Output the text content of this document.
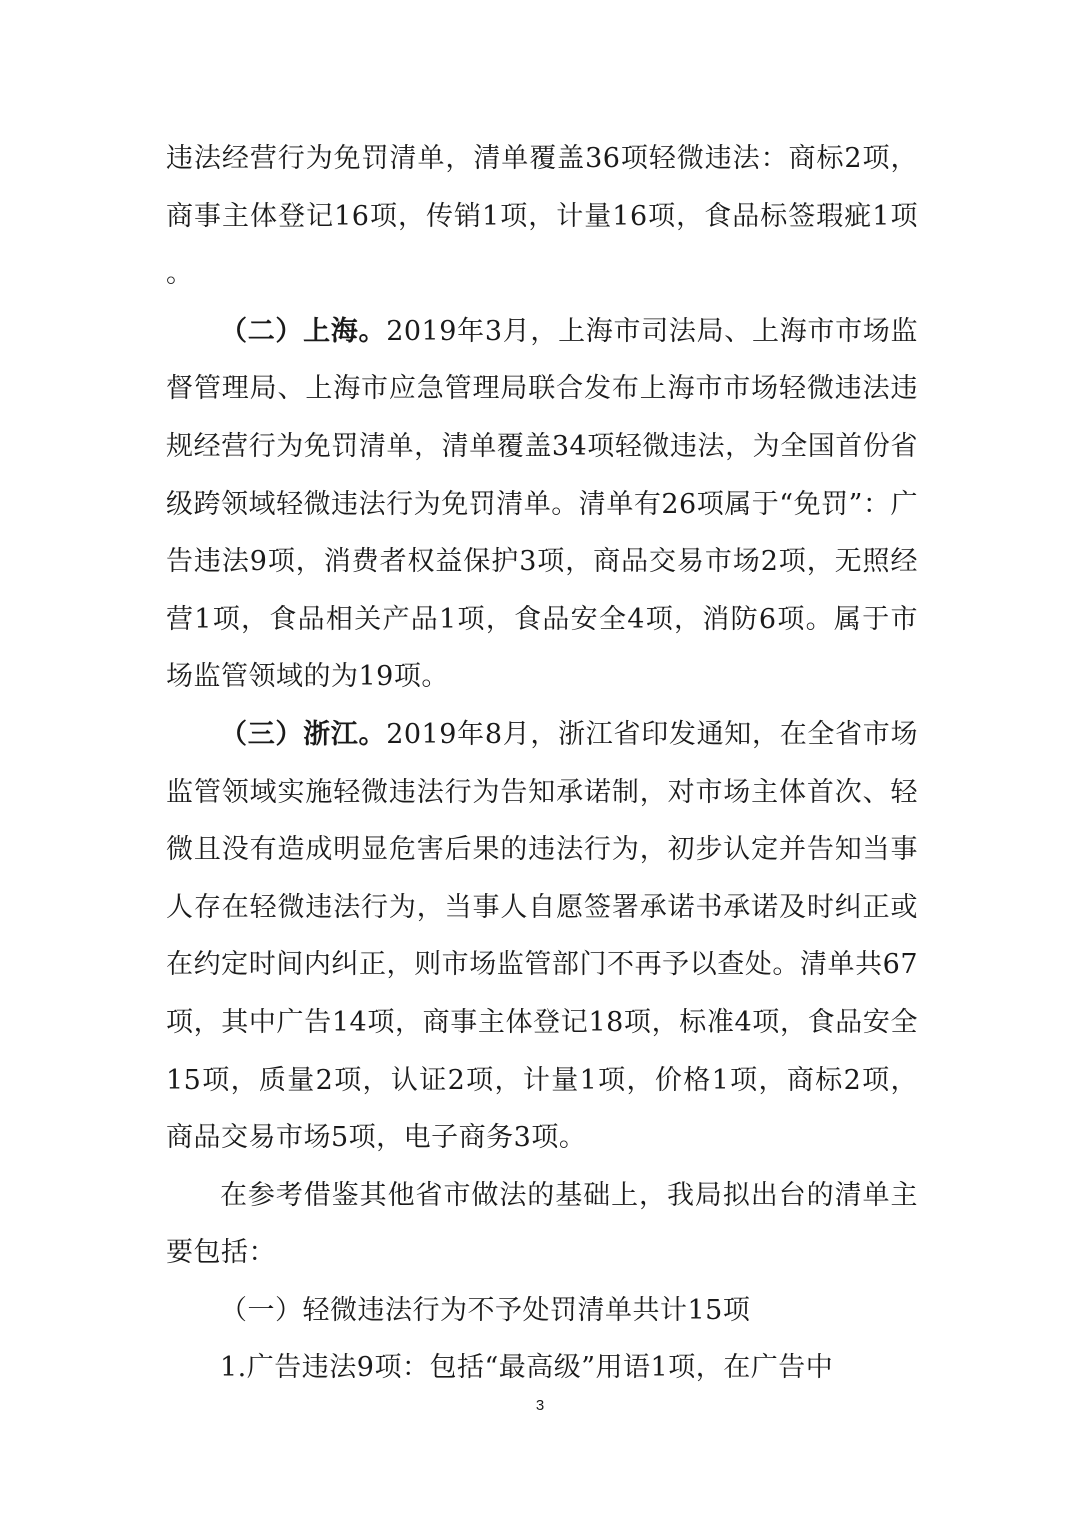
违法经营行为免罚清单，清单覆盖36项轻微违法：商标2项，商事主体登记16项，传销1项，计量16项，食品标签瑕疵1项。

（二）上海。2019年3月，上海市司法局、上海市市场监督管理局、上海市应急管理局联合发布上海市市场轻微违法违规经营行为免罚清单，清单覆盖34项轻微违法，为全国首份省级跨领域轻微违法行为免罚清单。清单有26项属于“免罚”：广告违法9项，消费者权益保护3项，商品交易市场2项，无照经营1项，食品相关产品1项，食品安全4项，消防6项。属于市场监管领域的为19项。

（三）浙江。2019年8月，浙江省印发通知，在全省市场监管领域实施轻微违法行为告知承诺制，对市场主体首次、轻微且没有造成明显危害后果的违法行为，初步认定并告知当事人存在轻微违法行为，当事人自愿签署承诺书承诺及时纠正或在约定时间内纠正，则市场监管部门不再予以查处。清单共67项，其中广告14项，商事主体登记18项，标准4项，食品安全15项，质量2项，认证2项，计量1项，价格1项，商标2项，商品交易市场5项，电子商务3项。

在参考借鉴其他省市做法的基础上，我局拟出台的清单主要包括：

（一）轻微违法行为不予处罚清单共计15项

1.广告违法9项：包括“最高级”用语1项，在广告中

3
